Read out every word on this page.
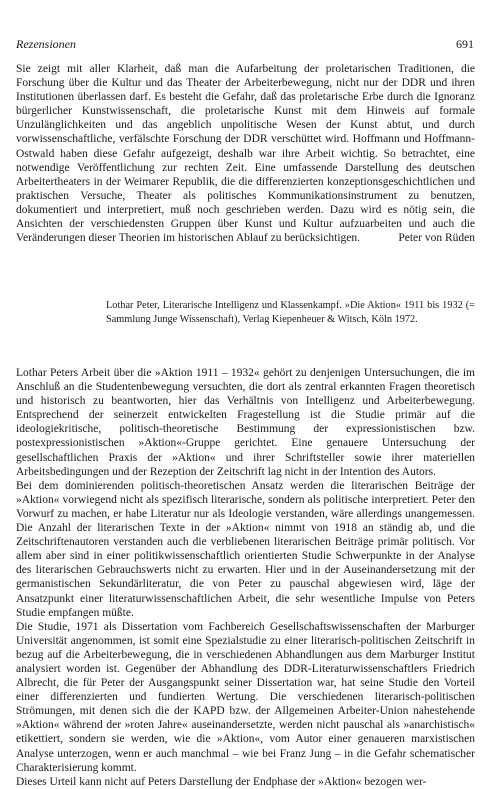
Rezensionen	691

Sie zeigt mit aller Klarheit, daß man die Aufarbeitung der proletarischen Traditionen, die Forschung über die Kultur und das Theater der Arbeiterbewegung, nicht nur der DDR und ihren Institutionen überlassen darf. Es besteht die Gefahr, daß das proletarische Erbe durch die Ignoranz bürgerlicher Kunstwissenschaft, die proletarische Kunst mit dem Hinweis auf formale Unzulänglichkeiten und das angeblich unpolitische Wesen der Kunst abtut, und durch vorwissenschaftliche, verfälschte Forschung der DDR verschüttet wird. Hoffmann und Hoffmann-Ostwald haben diese Gefahr aufgezeigt, deshalb war ihre Arbeit wichtig. So betrachtet, eine notwendige Veröffentlichung zur rechten Zeit. Eine umfassende Darstellung des deutschen Arbeitertheaters in der Weimarer Republik, die die differenzierten konzeptionsgeschichtlichen und praktischen Versuche, Theater als politisches Kommunikationsinstrument zu benutzen, dokumentiert und interpretiert, muß noch geschrieben werden. Dazu wird es nötig sein, die Ansichten der verschiedensten Gruppen über Kunst und Kultur aufzuarbeiten und auch die Veränderungen dieser Theorien im historischen Ablauf zu berücksichtigen.	Peter von Rüden

Lothar Peter, Literarische Intelligenz und Klassenkampf. »Die Aktion« 1911 bis 1932 (= Sammlung Junge Wissenschaft), Verlag Kiepenheuer & Witsch, Köln 1972.

Lothar Peters Arbeit über die »Aktion 1911 – 1932« gehört zu denjenigen Untersuchungen, die im Anschluß an die Studentenbewegung versuchten, die dort als zentral erkannten Fragen theoretisch und historisch zu beantworten, hier das Verhältnis von Intelligenz und Arbeiterbewegung. Entsprechend der seinerzeit entwickelten Fragestellung ist die Studie primär auf die ideologiekritische, politisch-theoretische Bestimmung der expressionistischen bzw. postexpressionistischen »Aktion«-Gruppe gerichtet. Eine genauere Untersuchung der gesellschaftlichen Praxis der »Aktion« und ihrer Schriftsteller sowie ihrer materiellen Arbeitsbedingungen und der Rezeption der Zeitschrift lag nicht in der Intention des Autors.

Bei dem dominierenden politisch-theoretischen Ansatz werden die literarischen Beiträge der »Aktion« vorwiegend nicht als spezifisch literarische, sondern als politische interpretiert. Peter den Vorwurf zu machen, er habe Literatur nur als Ideologie verstanden, wäre allerdings unangemessen. Die Anzahl der literarischen Texte in der »Aktion« nimmt von 1918 an ständig ab, und die Zeitschriftenautoren verstanden auch die verbliebenen literarischen Beiträge primär politisch. Vor allem aber sind in einer politikwissenschaftlich orientierten Studie Schwerpunkte in der Analyse des literarischen Gebrauchswerts nicht zu erwarten. Hier und in der Auseinandersetzung mit der germanistischen Sekundärliteratur, die von Peter zu pauschal abgewiesen wird, läge der Ansatzpunkt einer literaturwissenschaftlichen Arbeit, die sehr wesentliche Impulse von Peters Studie empfangen müßte.

Die Studie, 1971 als Dissertation vom Fachbereich Gesellschaftswissenschaften der Marburger Universität angenommen, ist somit eine Spezialstudie zu einer literarisch-politischen Zeitschrift in bezug auf die Arbeiterbewegung, die in verschiedenen Abhandlungen aus dem Marburger Institut analysiert worden ist. Gegenüber der Abhandlung des DDR-Literaturwissenschaftlers Friedrich Albrecht, die für Peter der Ausgangspunkt seiner Dissertation war, hat seine Studie den Vorteil einer differenzierten und fundierten Wertung. Die verschiedenen literarisch-politischen Strömungen, mit denen sich die der KAPD bzw. der Allgemeinen Arbeiter-Union nahestehende »Aktion« während der »roten Jahre« auseinandersetzte, werden nicht pauschal als »anarchistisch« etikettiert, sondern sie werden, wie die »Aktion«, vom Autor einer genaueren marxistischen Analyse unterzogen, wenn er auch manchmal – wie bei Franz Jung – in die Gefahr schematischer Charakterisierung kommt.

Dieses Urteil kann nicht auf Peters Darstellung der Endphase der »Aktion« bezogen wer-
